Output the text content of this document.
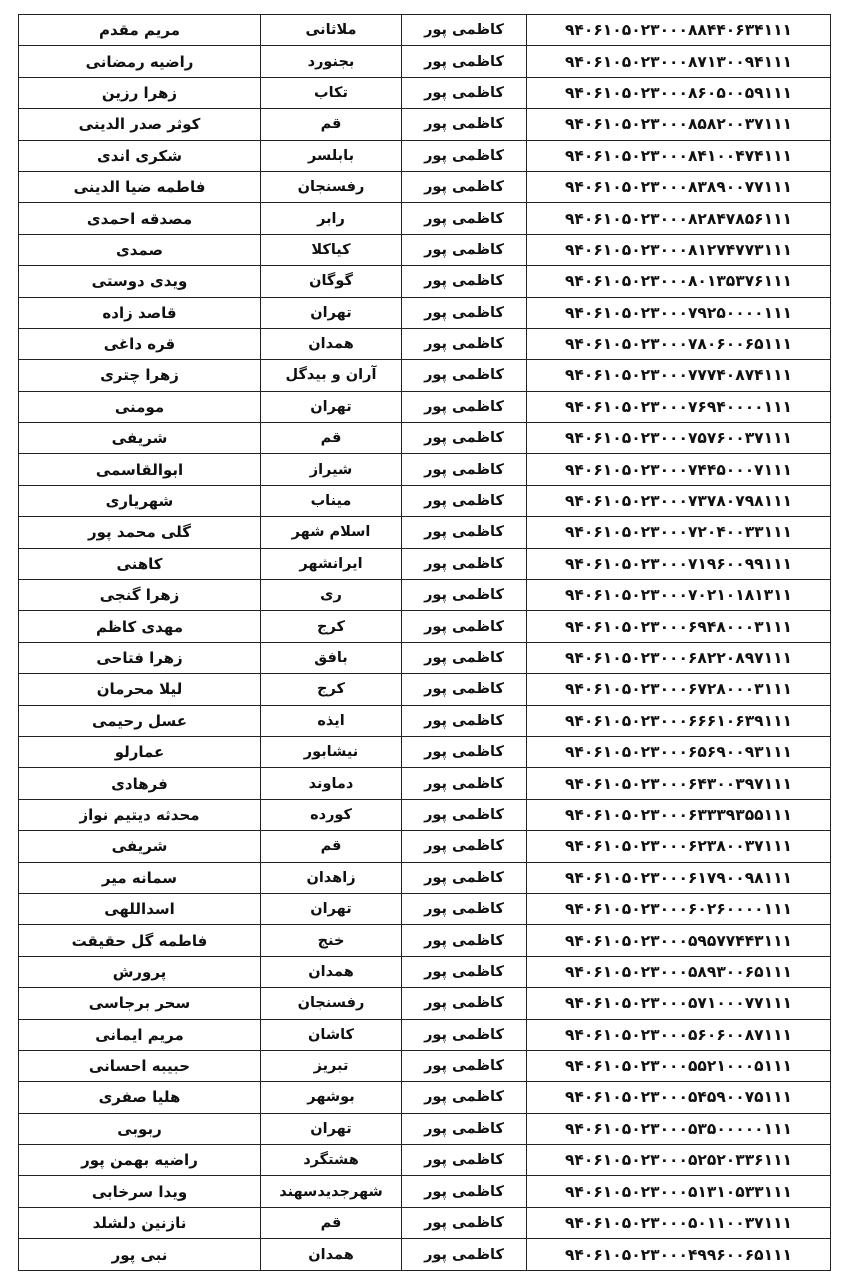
۹۴۰۶۱۰۵۰۲۳۰۰۰۸۸۴۴۰۶۳۴۱۱۱	کاظمی پور	ملاثانی	مریم مقدم
۹۴۰۶۱۰۵۰۲۳۰۰۰۸۷۱۳۰۰۹۴۱۱۱	کاظمی پور	بجنورد	راضیه رمضانی
۹۴۰۶۱۰۵۰۲۳۰۰۰۸۶۰۵۰۰۵۹۱۱۱	کاظمی پور	تکاب	زهرا رزین
۹۴۰۶۱۰۵۰۲۳۰۰۰۸۵۸۲۰۰۳۷۱۱۱	کاظمی پور	قم	کوثر صدر الدینی
۹۴۰۶۱۰۵۰۲۳۰۰۰۸۴۱۰۰۴۷۴۱۱۱	کاظمی پور	بابلسر	شکری اندی
۹۴۰۶۱۰۵۰۲۳۰۰۰۸۳۸۹۰۰۷۷۱۱۱	کاظمی پور	رفسنجان	فاطمه ضیا الدینی
۹۴۰۶۱۰۵۰۲۳۰۰۰۸۲۸۴۷۸۵۶۱۱۱	کاظمی پور	رابر	مصدقه احمدی
۹۴۰۶۱۰۵۰۲۳۰۰۰۸۱۲۷۴۷۷۳۱۱۱	کاظمی پور	کیاکلا	صمدی
۹۴۰۶۱۰۵۰۲۳۰۰۰۸۰۱۳۵۳۷۶۱۱۱	کاظمی پور	گوگان	ویدی دوستی
۹۴۰۶۱۰۵۰۲۳۰۰۰۷۹۲۵۰۰۰۰۱۱۱	کاظمی پور	تهران	قاصد زاده
۹۴۰۶۱۰۵۰۲۳۰۰۰۷۸۰۶۰۰۶۵۱۱۱	کاظمی پور	همدان	قره داغی
۹۴۰۶۱۰۵۰۲۳۰۰۰۷۷۷۴۰۸۷۴۱۱۱	کاظمی پور	آران و بیدگل	زهرا چتری
۹۴۰۶۱۰۵۰۲۳۰۰۰۷۶۹۴۰۰۰۰۱۱۱	کاظمی پور	تهران	مومنی
۹۴۰۶۱۰۵۰۲۳۰۰۰۷۵۷۶۰۰۳۷۱۱۱	کاظمی پور	قم	شریفی
۹۴۰۶۱۰۵۰۲۳۰۰۰۷۴۴۵۰۰۰۷۱۱۱	کاظمی پور	شیراز	ابوالقاسمی
۹۴۰۶۱۰۵۰۲۳۰۰۰۷۳۷۸۰۷۹۸۱۱۱	کاظمی پور	میناب	شهریاری
۹۴۰۶۱۰۵۰۲۳۰۰۰۷۲۰۴۰۰۳۳۱۱۱	کاظمی پور	اسلام شهر	گلی محمد پور
۹۴۰۶۱۰۵۰۲۳۰۰۰۷۱۹۶۰۰۹۹۱۱۱	کاظمی پور	ایرانشهر	کاهنی
۹۴۰۶۱۰۵۰۲۳۰۰۰۷۰۲۱۰۱۸۱۳۱۱	کاظمی پور	ری	زهرا گنجی
۹۴۰۶۱۰۵۰۲۳۰۰۰۶۹۴۸۰۰۰۳۱۱۱	کاظمی پور	کرج	مهدی کاظم
۹۴۰۶۱۰۵۰۲۳۰۰۰۶۸۲۲۰۸۹۷۱۱۱	کاظمی پور	بافق	زهرا فتاحی
۹۴۰۶۱۰۵۰۲۳۰۰۰۶۷۲۸۰۰۰۳۱۱۱	کاظمی پور	کرج	لیلا محرمان
۹۴۰۶۱۰۵۰۲۳۰۰۰۶۶۶۱۰۶۳۹۱۱۱	کاظمی پور	ایذه	عسل رحیمی
۹۴۰۶۱۰۵۰۲۳۰۰۰۶۵۶۹۰۰۹۳۱۱۱	کاظمی پور	نیشابور	عمارلو
۹۴۰۶۱۰۵۰۲۳۰۰۰۶۴۳۰۰۳۹۷۱۱۱	کاظمی پور	دماوند	فرهادی
۹۴۰۶۱۰۵۰۲۳۰۰۰۶۳۳۳۹۳۵۵۱۱۱	کاظمی پور	کورده	محدثه دیتیم نواز
۹۴۰۶۱۰۵۰۲۳۰۰۰۶۲۳۸۰۰۳۷۱۱۱	کاظمی پور	قم	شریفی
۹۴۰۶۱۰۵۰۲۳۰۰۰۶۱۷۹۰۰۹۸۱۱۱	کاظمی پور	زاهدان	سمانه میر
۹۴۰۶۱۰۵۰۲۳۰۰۰۶۰۲۶۰۰۰۰۱۱۱	کاظمی پور	تهران	اسداللهی
۹۴۰۶۱۰۵۰۲۳۰۰۰۵۹۵۷۷۴۴۳۱۱۱	کاظمی پور	خنج	فاطمه گل حقیقت
۹۴۰۶۱۰۵۰۲۳۰۰۰۵۸۹۳۰۰۶۵۱۱۱	کاظمی پور	همدان	پرورش
۹۴۰۶۱۰۵۰۲۳۰۰۰۵۷۱۰۰۰۷۷۱۱۱	کاظمی پور	رفسنجان	سحر برجاسی
۹۴۰۶۱۰۵۰۲۳۰۰۰۵۶۰۶۰۰۸۷۱۱۱	کاظمی پور	کاشان	مریم ایمانی
۹۴۰۶۱۰۵۰۲۳۰۰۰۵۵۲۱۰۰۰۵۱۱۱	کاظمی پور	تبریز	حبیبه احسانی
۹۴۰۶۱۰۵۰۲۳۰۰۰۵۴۵۹۰۰۷۵۱۱۱	کاظمی پور	بوشهر	هلیا صفری
۹۴۰۶۱۰۵۰۲۳۰۰۰۵۳۵۰۰۰۰۰۱۱۱	کاظمی پور	تهران	ربوبی
۹۴۰۶۱۰۵۰۲۳۰۰۰۵۲۵۲۰۳۳۶۱۱۱	کاظمی پور	هشتگرد	راضیه بهمن پور
۹۴۰۶۱۰۵۰۲۳۰۰۰۵۱۳۱۰۵۳۳۱۱۱	کاظمی پور	شهرجدیدسهند	ویدا سرخابی
۹۴۰۶۱۰۵۰۲۳۰۰۰۵۰۱۱۰۰۳۷۱۱۱	کاظمی پور	قم	نازنین دلشلد
۹۴۰۶۱۰۵۰۲۳۰۰۰۴۹۹۶۰۰۶۵۱۱۱	کاظمی پور	همدان	نبی پور
